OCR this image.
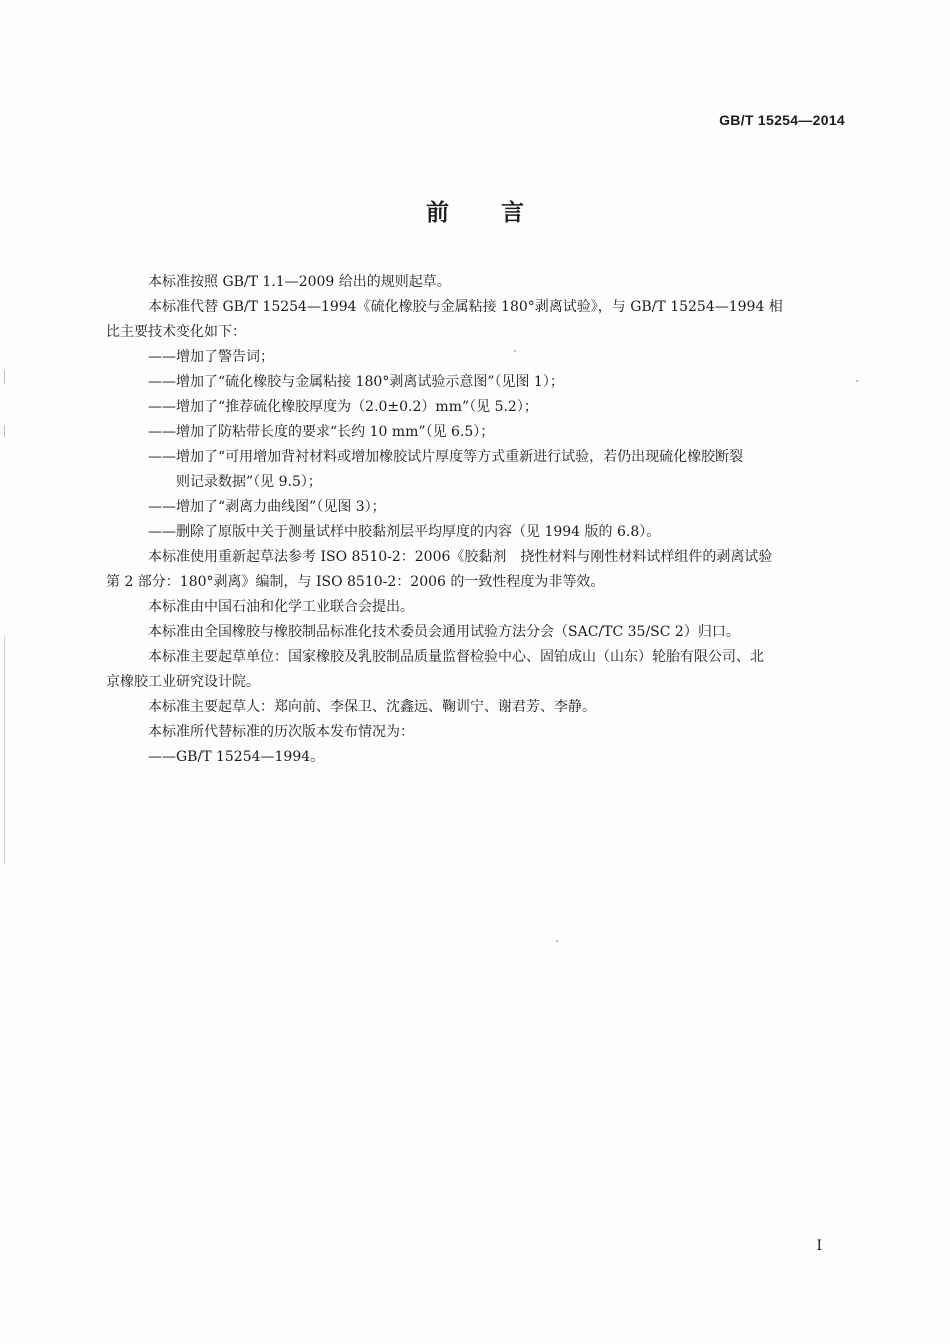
GB/T 15254—2014
前 言

本标准按照 GB/T 1.1—2009 给出的规则起草。

本标准代替 GB/T 15254—1994《硫化橡胶与金属粘接 180°剥离试验》，与 GB/T 15254—1994 相

比主要技术变化如下：

——增加了警告词；

——增加了“硫化橡胶与金属粘接 180°剥离试验示意图”（见图 1）；

——增加了“推荐硫化橡胶厚度为（2.0±0.2）mm”（见 5.2）；

——增加了防粘带长度的要求“长约 10 mm”（见 6.5）；

——增加了“可用增加背衬材料或增加橡胶试片厚度等方式重新进行试验，若仍出现硫化橡胶断裂

则记录数据”（见 9.5）；

——增加了“剥离力曲线图”（见图 3）；

——删除了原版中关于测量试样中胶黏剂层平均厚度的内容（见 1994 版的 6.8）。

本标准使用重新起草法参考 ISO 8510-2：2006《胶黏剂　挠性材料与刚性材料试样组件的剥离试验

第 2 部分：180°剥离》编制，与 ISO 8510-2：2006 的一致性程度为非等效。

本标准由中国石油和化学工业联合会提出。

本标准由全国橡胶与橡胶制品标准化技术委员会通用试验方法分会（SAC/TC 35/SC 2）归口。

本标准主要起草单位：国家橡胶及乳胶制品质量监督检验中心、固铂成山（山东）轮胎有限公司、北

京橡胶工业研究设计院。

本标准主要起草人：郑向前、李保卫、沈鑫远、鞠训宁、谢君芳、李静。

本标准所代替标准的历次版本发布情况为：

——GB/T 15254—1994。

I
